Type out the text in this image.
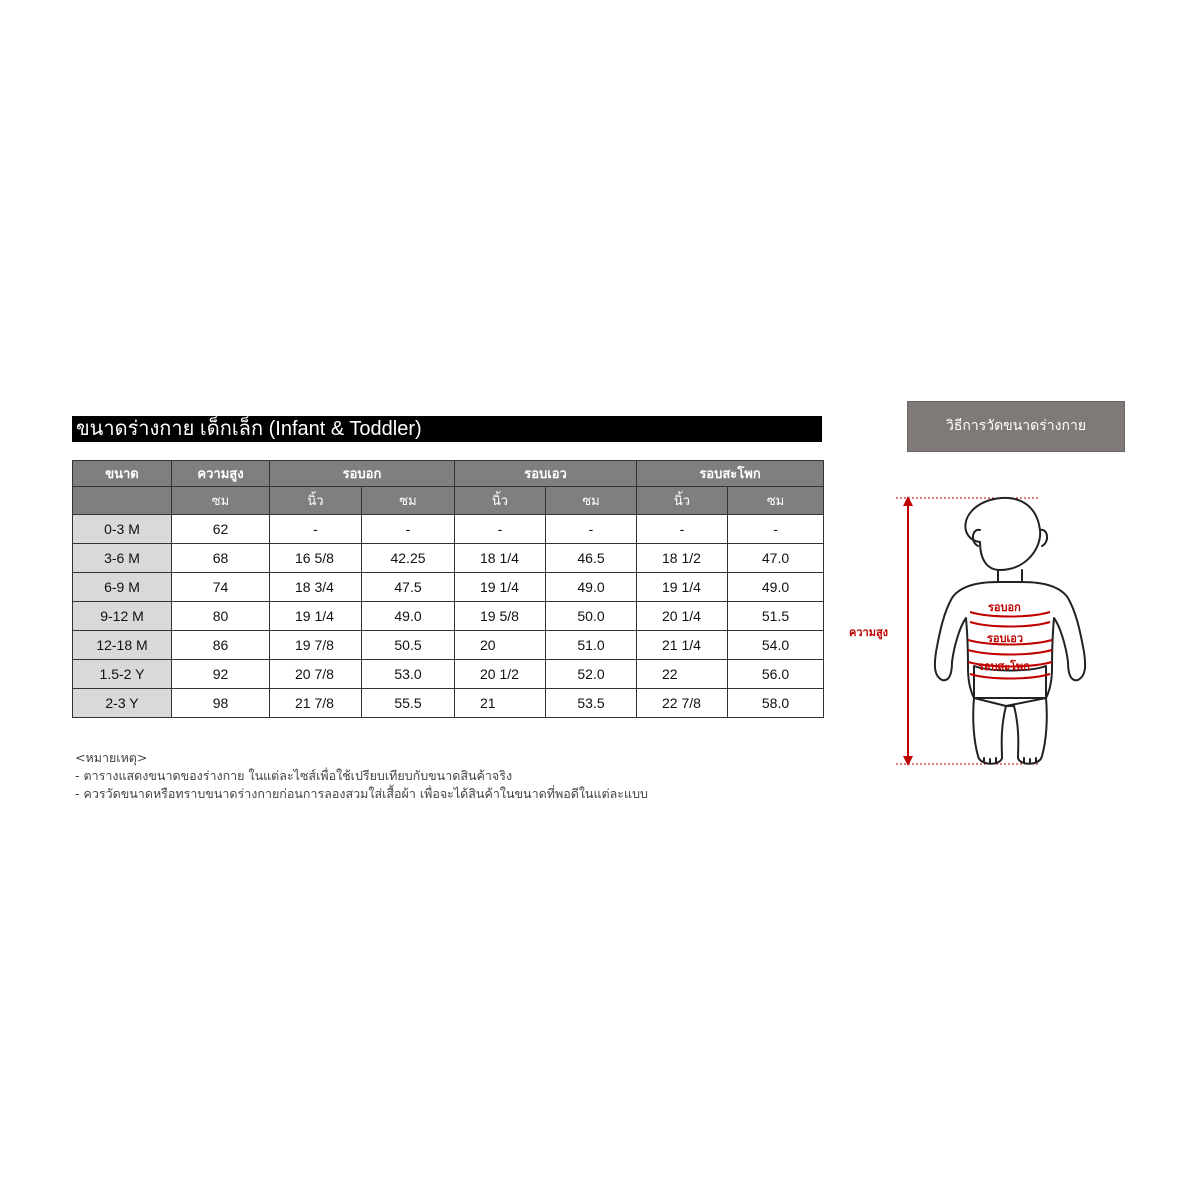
ขนาดร่างกาย เด็กเล็ก (Infant & Toddler)
ขนาด	ความสูง	รอบอก		รอบเอว		รอบสะโพก	
	ซม	นิ้ว	ซม	นิ้ว	ซม	นิ้ว	ซม
0-3 M	62	-	-	-	-	-	-
3-6 M	68	16 5/8	42.25	18 1/4	46.5	18 1/2	47.0
6-9 M	74	18 3/4	47.5	19 1/4	49.0	19 1/4	49.0
9-12 M	80	19 1/4	49.0	19 5/8	50.0	20 1/4	51.5
12-18 M	86	19 7/8	50.5	20	51.0	21 1/4	54.0
1.5-2 Y	92	20 7/8	53.0	20 1/2	52.0	22	56.0
2-3 Y	98	21 7/8	55.5	21	53.5	22 7/8	58.0
<หมายเหตุ>
- ตารางแสดงขนาดของร่างกาย ในแต่ละไซส์เพื่อใช้เปรียบเทียบกับขนาดสินค้าจริง
- ควรวัดขนาดหรือทราบขนาดร่างกายก่อนการลองสวมใส่เสื้อผ้า เพื่อจะได้สินค้าในขนาดที่พอดีในแต่ละแบบ
วิธีการวัดขนาดร่างกาย
ความสูง
รอบอก
รอบเอว
รอบสะโพก
